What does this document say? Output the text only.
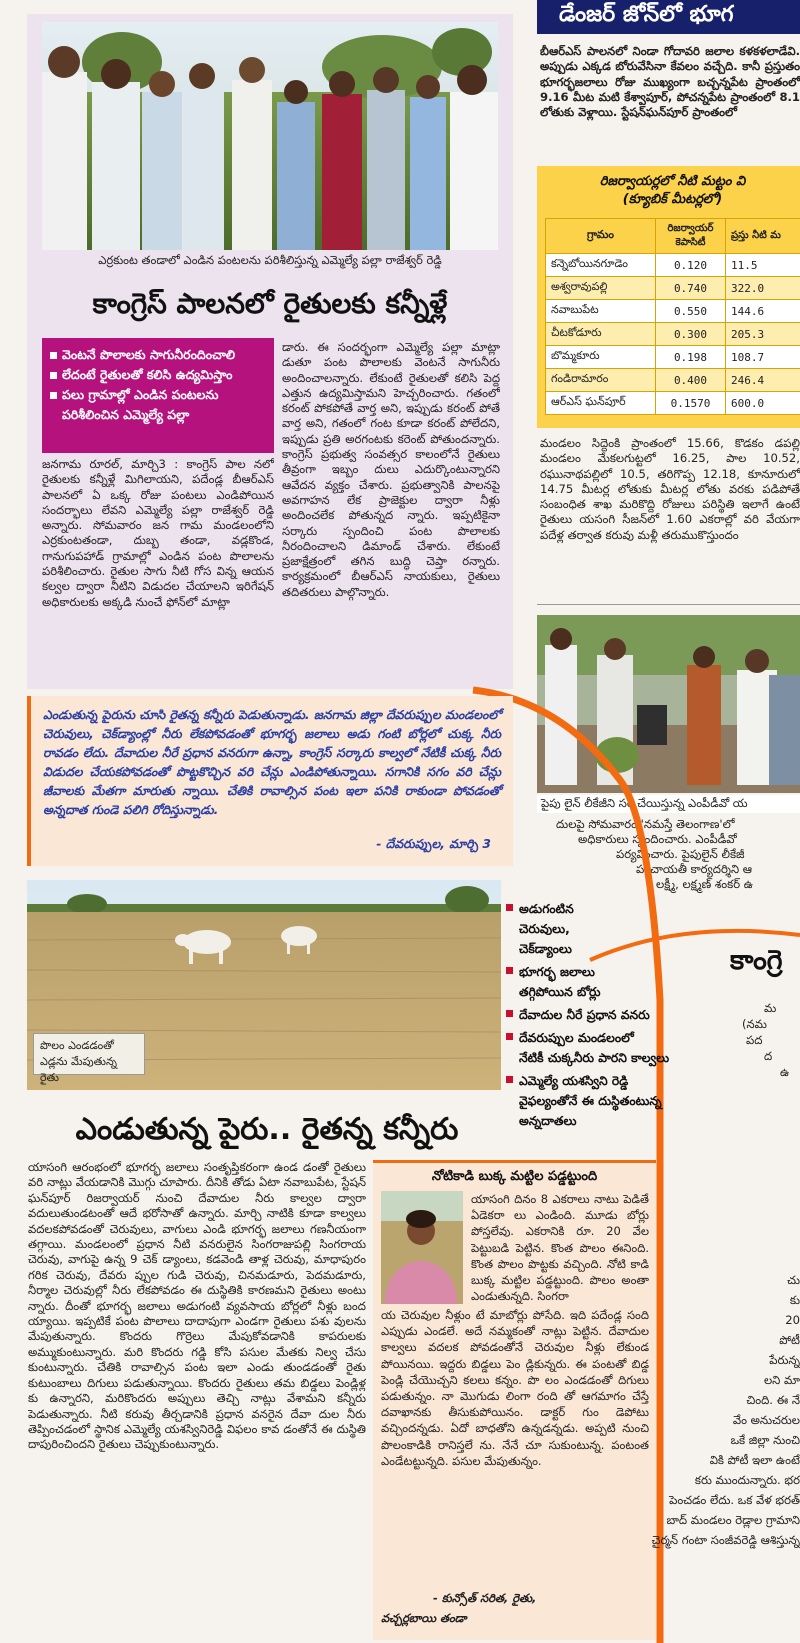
డేంజర్ జోన్‌లో భూగ
ఎర్రకుంట తండాలో ఎండిన పంటలను పరిశీలిస్తున్న ఎమ్మెల్యే పల్లా రాజేశ్వర్ రెడ్డి
కాంగ్రెస్ పాలనలో రైతులకు కన్నీళ్లే
వెంటనే పొలాలకు సాగునీరందించాలి
లేదంటే రైతులతో కలిసి ఉద్యమిస్తాం
పలు గ్రామాల్లో ఎండిన పంటలను
పరిశీలించిన ఎమ్మెల్యే పల్లా
జనగామ రూరల్, మార్చి3 : కాంగ్రెస్ పాల నలో రైతులకు కన్నీళ్లే మిగిలాయని, పదేండ్ల బీఆర్ఎస్ పాలనలో ఏ ఒక్క రోజు పంటలు ఎండిపోయిన సందర్భాలు లేవని ఎమ్మెల్యే పల్లా రాజేశ్వర్ రెడ్డి అన్నారు. సోమవారం జన గామ మండలంలోని ఎర్రకుంటతండా, దుబ్బ తండా, వడ్లకొండ, గానుగుపహాడ్ గ్రామాల్లో ఎండిన పంట పొలాలను పరిశీలించారు. రైతుల సాగు నీటి గోస విన్న ఆయన కల్వల ద్వారా నీటిని విడుదల చేయాలని ఇరిగేషన్ అధికారులకు అక్కడి నుంచే ఫోన్‌లో మాట్లా
డారు. ఈ సందర్భంగా ఎమ్మెల్యే పల్లా మాట్లా డుతూ పంట పొలాలకు వెంటనే సాగునీరు అందించాలన్నారు. లేకుంటే రైతులతో కలిసి పెద్ద ఎత్తున ఉద్యమిస్తామని హెచ్చరించారు. గతంలో కరంట్ పోకపోతే వార్త అని, ఇప్పుడు కరంట్ పోతే వార్త అని, గతంలో గంట కూడా కరంట్ పోలేదని, ఇప్పుడు ప్రతి అరగంటకు కరెంట్ పోతుందన్నారు. కాంగ్రెస్ ప్రభుత్వ సంవత్సర కాలంలోనే రైతులు తీవ్రంగా ఇబ్బం దులు ఎదుర్కొంటున్నారని ఆవేదన వ్యక్తం చేశారు. ప్రభుత్వానికి పాలనపై అవగాహన లేక ప్రాజెక్టుల ద్వారా నీళ్లు అందించలేక పోతున్నద న్నారు. ఇప్పటికైనా సర్కారు స్పందించి పంట పొలాలకు నీరందించాలని డిమాండ్ చేశారు. లేకుంటే ప్రజాక్షేత్రంలో తగిన బుద్ధి చెప్తా రన్నారు. కార్యక్రమంలో బీఆర్ఎస్ నాయకులు, రైతులు తదితరులు పాల్గొన్నారు.
బీఆర్ఎస్ పాలనలో నిండా గోదావరి జలాల కళకళలాడేవి. అప్పుడు ఎక్కడ బోరువేసినా కేవలం వచ్చేది. కానీ ప్రస్తుతం భూగర్భజలాలు రోజు ముఖ్యంగా బచ్చన్నపేట ప్రాంతంలో 9.16 మీట మటి కేశ్వాపూర్, పోచన్నపేట ప్రాంతంలో 8.1 లోతుకు వెళ్లాయి. స్టేషన్‌ఘన్‌పూర్ ప్రాంతంలో
రిజర్వాయర్లలో నీటి మట్టం వి
(క్యూబిక్ మీటర్లలో)
గ్రామం	రిజర్వాయర్ కెపాసిటీ	ప్రస్తు నీటి మ
కన్నెబోయినగూడెం	0.120	11.5
అశ్వరావుపల్లి	0.740	322.0
నవాబుపేట	0.550	144.6
చీటకోడూరు	0.300	205.3
బొమ్మకూరు	0.198	108.7
గండిరామారం	0.400	246.4
ఆర్ఎస్ ఘన్‌పూర్	0.1570	600.0
మండలం సిద్దెంకి ప్రాంతంలో 15.66, కొడకం డపల్లి మండలం మేకలగుట్టలో 16.25, పాల 10.52, రఘునాథపల్లిలో 10.5, తరిగొప్ప 12.18, కూనూరులో 14.75 మీటర్ల లోతుకు మీటర్ల లోతు వరకు పడిపోతే సంబంధిత శాఖ మరికొద్ది రోజులు పరిస్థితి ఇలాగే ఉంటే రైతులు యసంగి సీజన్‌లో 1.60 ఎకరాల్లో వరి వేయగా పదేళ్ల తర్వాత కరువు మళ్లీ తరుముకొస్తుందం
పైపు లైన్ లీకేజీని సరి చేయిస్తున్న ఎంపీడీవో య
దులపై సోమవారం 'నమస్తే తెలంగాణ'లో
అధికారులు స్పందించారు. ఎంపీడీవో
పర్యవించారు. పైపులైన్ లీకేజీ
పంచాయతీ కార్యదర్శిని ఆ
లక్ష్మీ, లక్ష్మణ్ శంకర్ ఉ
ఎండుతున్న పైరును చూసి రైతన్న కన్నీరు పెడుతున్నాడు. జనగామ జిల్లా దేవరుప్పుల మండలంలో చెరువులు, చెక్‌డ్యాంల్లో నీరు లేకపోవడంతో భూగర్భ జలాలు అడు గంటి బోర్లలో చుక్క నీరు రావడం లేదు. దేవాదుల నీరే ప్రధాన వనరుగా ఉన్నా, కాంగ్రెస్ సర్కారు కాల్వలో నేటికీ చుక్క నీరు విడుదల చేయకపోవడంతో పొట్టకొచ్చిన వరి చేన్లు ఎండిపోతున్నాయి. సగానికి సగం వరి చేన్లు జీవాలకు మేతగా మారుతు న్నాయి. చేతికి రావాల్సిన పంట ఇలా పనికి రాకుండా పోవడంతో అన్నదాత గుండె పలిగి రోదిస్తున్నాడు.
- దేవరుప్పుల, మార్చి 3
పొలం ఎండడంతో
ఎడ్లను మేపుతున్న రైతు
అడుగంటిన
చెరువులు,
చెక్‌డ్యాంలు
భూగర్భ జలాలు
తగ్గిపోయిన బోర్లు
దేవాదుల నీరే ప్రధాన వనరు
దేవరుప్పుల మండలంలో
నేటికీ చుక్కనీరు పారని కాల్వలు
ఎమ్మెల్యే యశస్విని రెడ్డి
వైఫల్యంతోనే ఈ దుస్థితంటున్న
అన్నదాతలు
కాంగ్రె
మ
(నమ
పద
ద
ఉ
ఎండుతున్న పైరు.. రైతన్న కన్నీరు
యాసంగి ఆరంభంలో భూగర్భ జలాలు సంతృప్తికరంగా ఉండ డంతో రైతులు వరి నాట్లు వేయడానికి మొగ్గు చూపారు. దీనికి తోడు ఏటా నవాబుపేట, స్టేషన్ ఘన్‌పూర్ రిజర్వాయర్ నుంచి దేవాదుల నీరు కాల్వల ద్వారా వదులుతుండటంతో ఆదే భరోసాతో ఉన్నారు. మార్చి నాటికి కూడా కాల్వలు వదలకపోవడంతో చెరువులు, వాగులు ఎండి భూగర్భ జలాలు గణనీయంగా తగ్గాయి. మండలంలో ప్రధాన నీటి వనరులైన సింగరాజుపల్లి సింగరాయ చెరువు, వాగుపై ఉన్న 9 చెక్ డ్యాంలు, కడవెండి తాళ్ల చెరువు, మాధాపురం గరిక చెరువు, దేవరు ప్పుల గుడి చెరువు, చినమడూరు, పెదమడూరు, నీర్మాల చెరువుల్లో నీరు లేకపోవడం ఈ దుస్థితికి కారణమని రైతులు అంటు న్నారు. దీంతో భూగర్భ జలాలు అడుగంటి వ్యవసాయ బోర్లలో నీళ్లు బంద య్యాయి. ఇప్పటికే పంట పొలాలు దాదాపుగా ఎండగా రైతులు పశు వులను మేపుతున్నారు. కొందరు గొర్రెలు మేపుకోవడానికి కాపరులకు అమ్ముకుంటున్నారు. మరి కొందరు గడ్డి కోసి పసుల మేతకు నిల్వ చేసు కుంటున్నారు. చేతికి రావాల్సిన పంట ఇలా ఎండు తుండడంతో రైతు కుటుంబాలు దిగులు పడుతున్నాయి. కొందరు రైతులు తమ బిడ్డలు పెండ్లిళ్ల కు ఉన్నారని, మరికొందరు అప్పులు తెచ్చి నాట్లు వేశామని కన్నీరు పెడుతున్నారు. నీటి కరువు తీర్చడానికి ప్రధాన వనరైన దేవా దుల నీరు తెప్పించడంలో స్థానిక ఎమ్మెల్యే యశస్వినిరెడ్డి విఫలం కావ డంతోనే ఈ దుస్థితి దాపురించిందని రైతులు చెప్పుకుంటున్నారు.
నోటికాడి బుక్క మట్టిల పడ్డట్టుంది
యాసంగి దినం 8 ఎకరాలు నాటు పెడితే ఏడెకరా లు ఎండింది. మూడు బోర్లు పోస్తలేవు. ఎకరానికి రూ. 20 వేల పెట్టుబడి పెట్టిన. కొంత పొలం ఈనింది. కొంత పొలం పొట్టకు వచ్చింది. నోటి కాడి బుక్క మట్టిల పడ్డట్టుంది. పొలం అంతా ఎండుతున్నది. సింగరా
య చెరువుల నీళ్లుం టే మాబోర్లు పోసేది. ఇది పదేండ్ల సంది ఎప్పుడు ఎండలే. అదే నమ్మకంతో నాట్లు పెట్టిన. దేవాదుల కాల్వలు వదలక పోవడంతోనే చెరువుల నీళ్లు లేకుండ పోయినయి. ఇద్దరు బిడ్డలు పెం డ్లికున్నరు. ఈ పంటతో బిడ్డ పెండ్లి చేయొచ్చని కలలు కన్నం. పొ లం ఎండడంతో దిగులు పడుతున్నం. నా మొగుడు లింగా రంది తో ఆగమాగం చేస్తే దవాఖానకు తీసుకుపోయినం. డాక్టర్ గుం డెపోటు వచ్చిందన్నడు. ఏదో బాధతోని ఉన్నడన్నడు. అప్పటి నుంచి పొలంకాడికి రానిస్తలే ను. నేనే చూ సుకుంటున్న. పంటంత ఎండేటట్టున్నది. పసుల మేపుతున్నం.
- కున్సోత్ సరిత, రైతు,
వచ్చర్లబాయి తండా
చు
కు
20
పోటీ
పేరున్న
లని మా
చింది. ఈ నే
వేం అనుచరుల
ఒకే జిల్లా నుంచి
వికి పోటీ ఇలా ఉంటే
కరు ముందున్నారు. భర
పెంచడం లేదు. ఒక వేళ భరత్
బాద్ మండలం రెడ్లాల గ్రామాని
చైర్మన్ గంటా సంజీవరెడ్డి ఆశిస్తున్న
